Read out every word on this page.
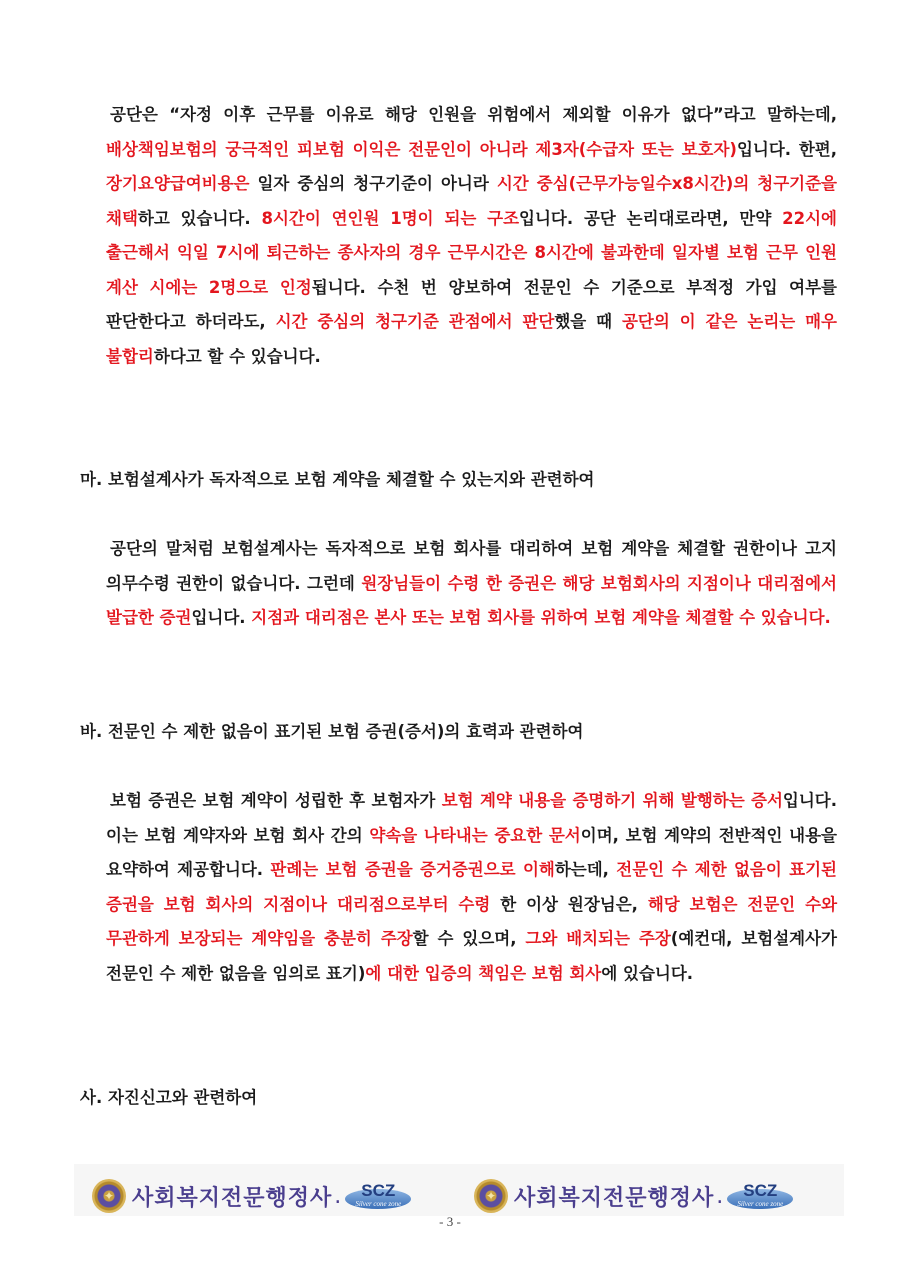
공단은 “자정 이후 근무를 이유로 해당 인원을 위험에서 제외할 이유가 없다”라고 말하는데, 배상책임보험의 궁극적인 피보험 이익은 전문인이 아니라 제3자(수급자 또는 보호자)입니다. 한편, 장기요양급여비용은 일자 중심의 청구기준이 아니라 시간 중심(근무가능일수x8시간)의 청구기준을 채택하고 있습니다. 8시간이 연인원 1명이 되는 구조입니다. 공단 논리대로라면, 만약 22시에 출근해서 익일 7시에 퇴근하는 종사자의 경우 근무시간은 8시간에 불과한데 일자별 보험 근무 인원 계산 시에는 2명으로 인정됩니다. 수천 번 양보하여 전문인 수 기준으로 부적정 가입 여부를 판단한다고 하더라도, 시간 중심의 청구기준 관점에서 판단했을 때 공단의 이 같은 논리는 매우 불합리하다고 할 수 있습니다.

마. 보험설계사가 독자적으로 보험 계약을 체결할 수 있는지와 관련하여

공단의 말처럼 보험설계사는 독자적으로 보험 회사를 대리하여 보험 계약을 체결할 권한이나 고지 의무수령 권한이 없습니다. 그런데 원장님들이 수령 한 증권은 해당 보험회사의 지점이나 대리점에서 발급한 증권입니다. 지점과 대리점은 본사 또는 보험 회사를 위하여 보험 계약을 체결할 수 있습니다.

바. 전문인 수 제한 없음이 표기된 보험 증권(증서)의 효력과 관련하여

보험 증권은 보험 계약이 성립한 후 보험자가 보험 계약 내용을 증명하기 위해 발행하는 증서입니다. 이는 보험 계약자와 보험 회사 간의 약속을 나타내는 중요한 문서이며, 보험 계약의 전반적인 내용을 요약하여 제공합니다. 판례는 보험 증권을 증거증권으로 이해하는데, 전문인 수 제한 없음이 표기된 증권을 보험 회사의 지점이나 대리점으로부터 수령 한 이상 원장님은, 해당 보험은 전문인 수와 무관하게 보장되는 계약임을 충분히 주장할 수 있으며, 그와 배치되는 주장(예컨대, 보험설계사가 전문인 수 제한 없음을 임의로 표기)에 대한 입증의 책임은 보험 회사에 있습니다.

사. 자진신고와 관련하여

✦ 사회복지전문행정사 .	SCZ
Silver cone zone
✦ 사회복지전문행정사 .	SCZ
Silver cone zone
- 3 -
